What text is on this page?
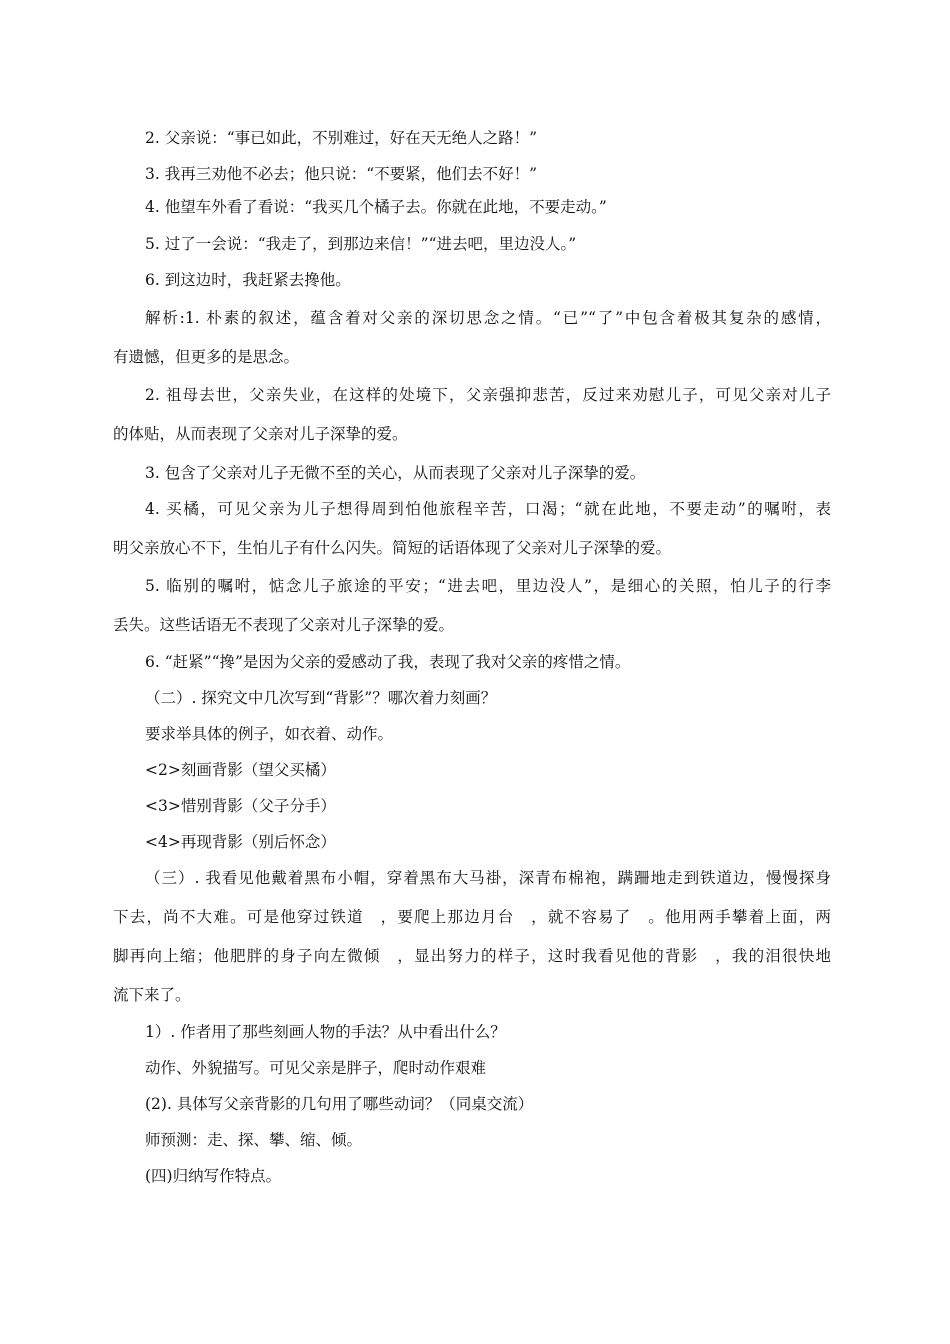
2. 父亲说：“事已如此，不别难过，好在天无绝人之路！”
3. 我再三劝他不必去；他只说：“不要紧，他们去不好！”
4. 他望车外看了看说：“我买几个橘子去。你就在此地，不要走动。”
5. 过了一会说：“我走了，到那边来信！”“进去吧，里边没人。”
6. 到这边时，我赶紧去搀他。
解析:1. 朴素的叙述，蕴含着对父亲的深切思念之情。“已”“了”中包含着极其复杂的感情，
有遗憾，但更多的是思念。
2. 祖母去世，父亲失业，在这样的处境下，父亲强抑悲苦，反过来劝慰儿子，可见父亲对儿子
的体贴，从而表现了父亲对儿子深挚的爱。
3. 包含了父亲对儿子无微不至的关心，从而表现了父亲对儿子深挚的爱。
4. 买橘，可见父亲为儿子想得周到怕他旅程辛苦，口渴；“就在此地，不要走动”的嘱咐，表
明父亲放心不下，生怕儿子有什么闪失。简短的话语体现了父亲对儿子深挚的爱。
5. 临别的嘱咐，惦念儿子旅途的平安；“进去吧，里边没人”，是细心的关照，怕儿子的行李
丢失。这些话语无不表现了父亲对儿子深挚的爱。
6. “赶紧”“搀”是因为父亲的爱感动了我，表现了我对父亲的疼惜之情。
（二）. 探究文中几次写到“背影”？哪次着力刻画？
要求举具体的例子，如衣着、动作。
<2>刻画背影（望父买橘）
<3>惜别背影（父子分手）
<4>再现背影（别后怀念）
（三）. 我看见他戴着黑布小帽，穿着黑布大马褂，深青布棉袍，蹒跚地走到铁道边，慢慢探身
下去，尚不大难。可是他穿过铁道　，要爬上那边月台　，就不容易了　。他用两手攀着上面，两
脚再向上缩；他肥胖的身子向左微倾　，显出努力的样子，这时我看见他的背影　，我的泪很快地
流下来了。
1）. 作者用了那些刻画人物的手法？从中看出什么？
动作、外貌描写。可见父亲是胖子，爬时动作艰难
(2). 具体写父亲背影的几句用了哪些动词？（同桌交流）
师预测：走、探、攀、缩、倾。
(四)归纳写作特点。
